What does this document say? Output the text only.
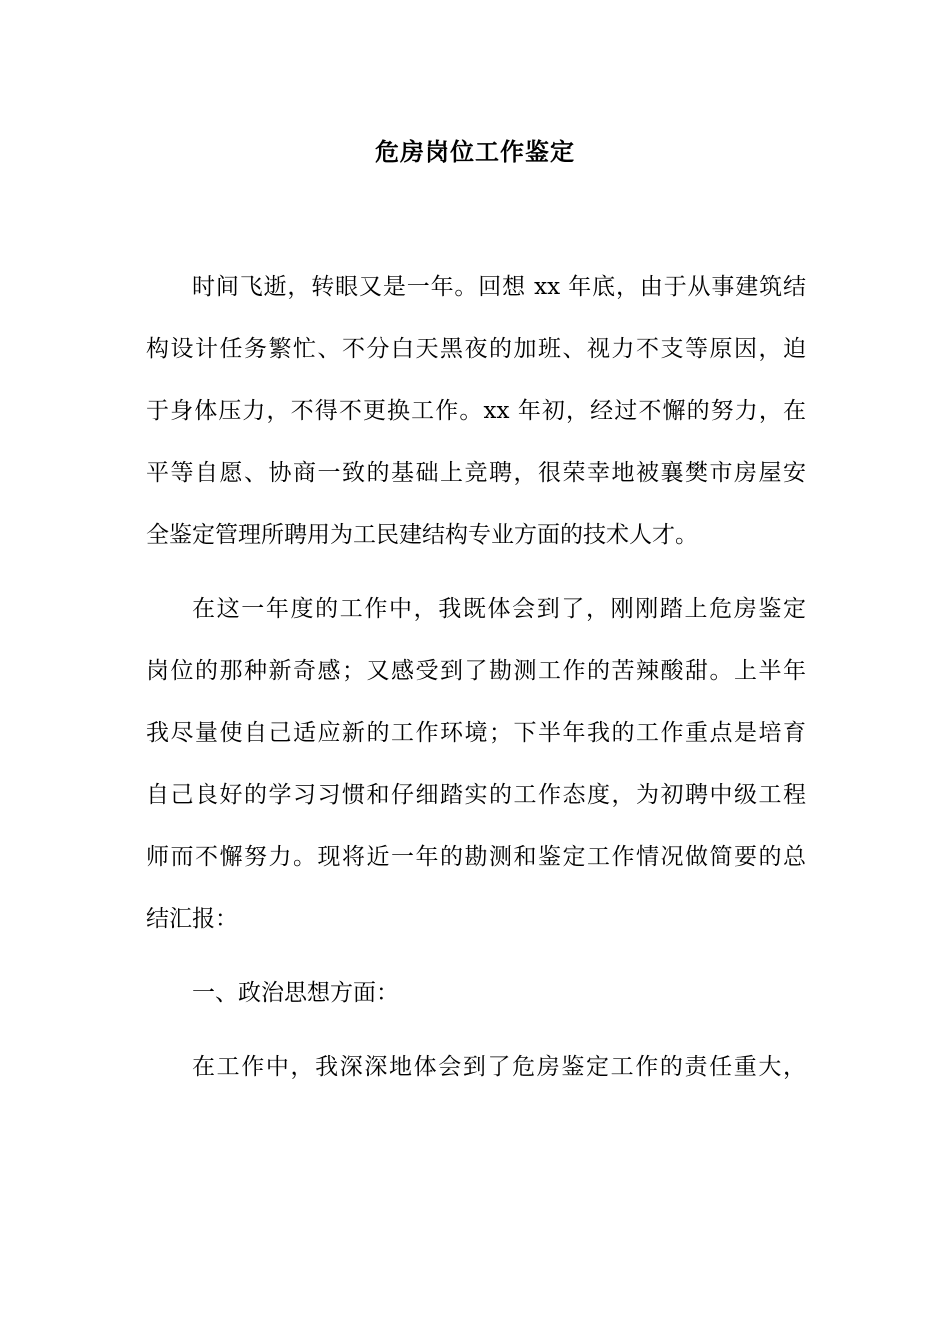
危房岗位工作鉴定
时间飞逝，转眼又是一年。回想 xx 年底，由于从事建筑结
构设计任务繁忙、不分白天黑夜的加班、视力不支等原因，迫
于身体压力，不得不更换工作。xx 年初，经过不懈的努力，在
平等自愿、协商一致的基础上竞聘，很荣幸地被襄樊市房屋安
全鉴定管理所聘用为工民建结构专业方面的技术人才。
在这一年度的工作中，我既体会到了，刚刚踏上危房鉴定
岗位的那种新奇感；又感受到了勘测工作的苦辣酸甜。上半年
我尽量使自己适应新的工作环境；下半年我的工作重点是培育
自己良好的学习习惯和仔细踏实的工作态度，为初聘中级工程
师而不懈努力。现将近一年的勘测和鉴定工作情况做简要的总
结汇报：
一、政治思想方面：
在工作中，我深深地体会到了危房鉴定工作的责任重大，
